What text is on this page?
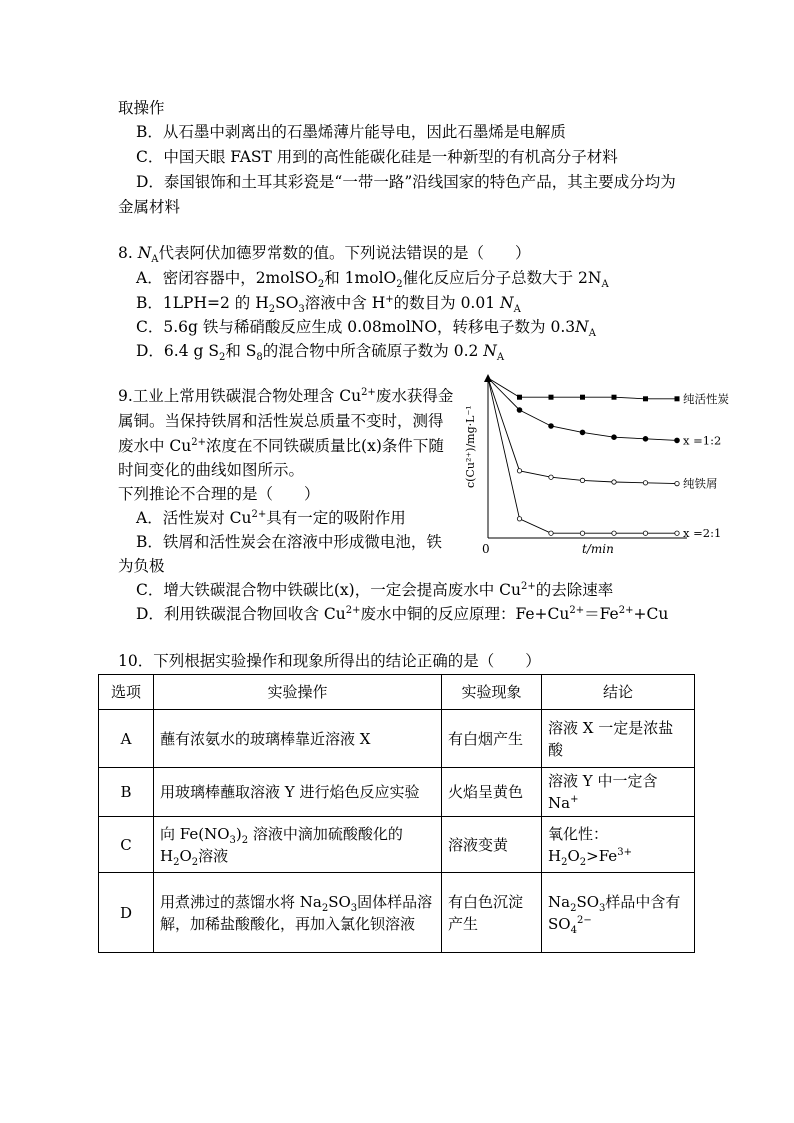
取操作
B．从石墨中剥离出的石墨烯薄片能导电，因此石墨烯是电解质
C．中国天眼 FAST 用到的高性能碳化硅是一种新型的有机高分子材料
D．泰国银饰和土耳其彩瓷是“一带一路”沿线国家的特色产品，其主要成分均为
金属材料
8. $N_A$代表阿伏加德罗常数的值。下列说法错误的是（　　）
A．密闭容器中，2molSO$_2$和 1molO$_2$催化反应后分子总数大于 $2N_A$
B．1LPH=2 的 $H_2SO_3$溶液中含 H+的数目为 0.01 $N_A$
C．5.6g 铁与稀硝酸反应生成 0.08molNO，转移电子数为 $0.3N_A$
D．6.4 g $S_2$和 $S_8$的混合物中所含硫原子数为 0.2 $N_A$
9.工业上常用铁碳混合物处理含 $Cu^{2+}$废水获得金
属铜。当保持铁屑和活性炭总质量不变时，测得
废水中 $Cu^{2+}$浓度在不同铁碳质量比(x)条件下随
时间变化的曲线如图所示。
下列推论不合理的是（　　）
A．活性炭对 $Cu^{2+}$具有一定的吸附作用
B．铁屑和活性炭会在溶液中形成微电池，铁
为负极
C．增大铁碳混合物中铁碳比(x)，一定会提高废水中 $Cu^{2+}$的去除速率
D．利用铁碳混合物回收含 $Cu^{2+}$废水中铜的反应原理：$Fe+Cu^{2+}=Fe^{2+}+Cu$
0	t/min
c(Cu²⁺)/mg·L⁻¹
纯活性炭
x =1:2
纯铁屑
x =2:1
10．下列根据实验操作和现象所得出的结论正确的是（　　）
选项	实验操作	实验现象	结论
A	蘸有浓氨水的玻璃棒靠近溶液 X	有白烟产生	溶液 X 一定是浓盐酸
B	用玻璃棒蘸取溶液 Y 进行焰色反应实验	火焰呈黄色	溶液 Y 中一定含 Na+
C	向 $Fe(NO_3)_2$ 溶液中滴加硫酸酸化的 $H_2O_2$溶液	溶液变黄	氧化性：$H_2O_2>Fe^{3+}$
D	用煮沸过的蒸馏水将 $Na_2SO_3$固体样品溶解，加稀盐酸酸化，再加入氯化钡溶液	有白色沉淀产生	$Na_2SO_3$样品中含有 $SO_4^{2-}$
